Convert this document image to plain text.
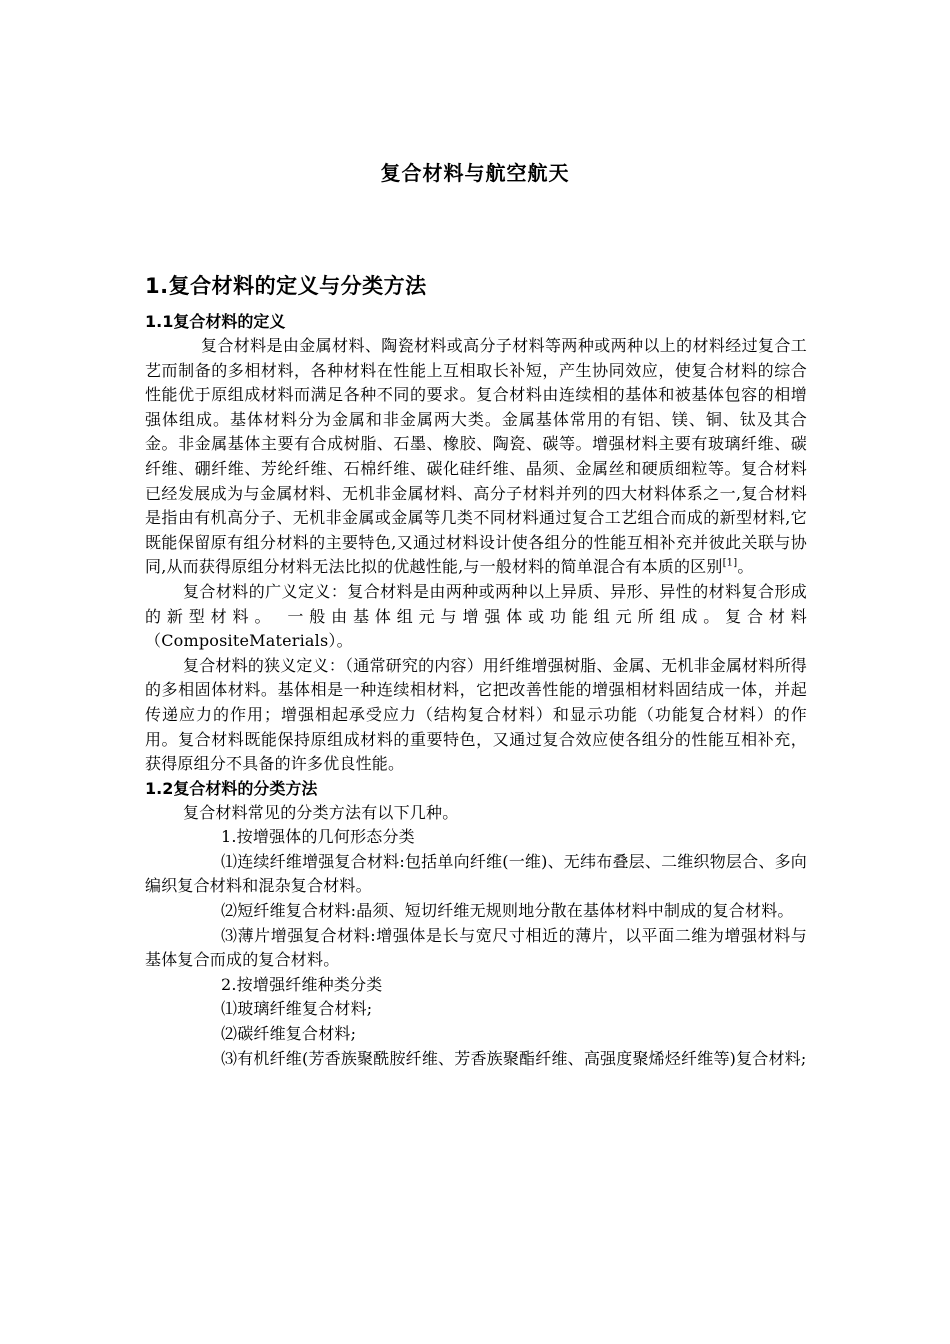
复合材料与航空航天
1.复合材料的定义与分类方法
1.1复合材料的定义

复合材料是由金属材料、陶瓷材料或高分子材料等两种或两种以上的材料经过复合工艺而制备的多相材料，各种材料在性能上互相取长补短，产生协同效应，使复合材料的综合性能优于原组成材料而满足各种不同的要求。复合材料由连续相的基体和被基体包容的相增强体组成。基体材料分为金属和非金属两大类。金属基体常用的有铝、镁、铜、钛及其合金。非金属基体主要有合成树脂、石墨、橡胶、陶瓷、碳等。增强材料主要有玻璃纤维、碳纤维、硼纤维、芳纶纤维、石棉纤维、碳化硅纤维、晶须、金属丝和硬质细粒等。复合材料已经发展成为与金属材料、无机非金属材料、高分子材料并列的四大材料体系之一,复合材料是指由有机高分子、无机非金属或金属等几类不同材料通过复合工艺组合而成的新型材料,它既能保留原有组分材料的主要特色,又通过材料设计使各组分的性能互相补充并彼此关联与协同,从而获得原组分材料无法比拟的优越性能,与一般材料的简单混合有本质的区别[1]。

复合材料的广义定义：复合材料是由两种或两种以上异质、异形、异性的材料复合形成的新型材料。 一般由基体组元与增强体或功能组元所组成。复合材料（CompositeMaterials）。

复合材料的狭义定义：（通常研究的内容）用纤维增强树脂、金属、无机非金属材料所得的多相固体材料。基体相是一种连续相材料，它把改善性能的增强相材料固结成一体，并起传递应力的作用；增强相起承受应力（结构复合材料）和显示功能（功能复合材料）的作用。复合材料既能保持原组成材料的重要特色，又通过复合效应使各组分的性能互相补充，获得原组分不具备的许多优良性能。

1.2复合材料的分类方法

复合材料常见的分类方法有以下几种。

1.按增强体的几何形态分类

⑴连续纤维增强复合材料:包括单向纤维(一维)、无纬布叠层、二维织物层合、多向编织复合材料和混杂复合材料。

⑵短纤维复合材料:晶须、短切纤维无规则地分散在基体材料中制成的复合材料。

⑶薄片增强复合材料:增强体是长与宽尺寸相近的薄片，以平面二维为增强材料与基体复合而成的复合材料。

2.按增强纤维种类分类

⑴玻璃纤维复合材料;

⑵碳纤维复合材料;

⑶有机纤维(芳香族聚酰胺纤维、芳香族聚酯纤维、高强度聚烯烃纤维等)复合材料;
